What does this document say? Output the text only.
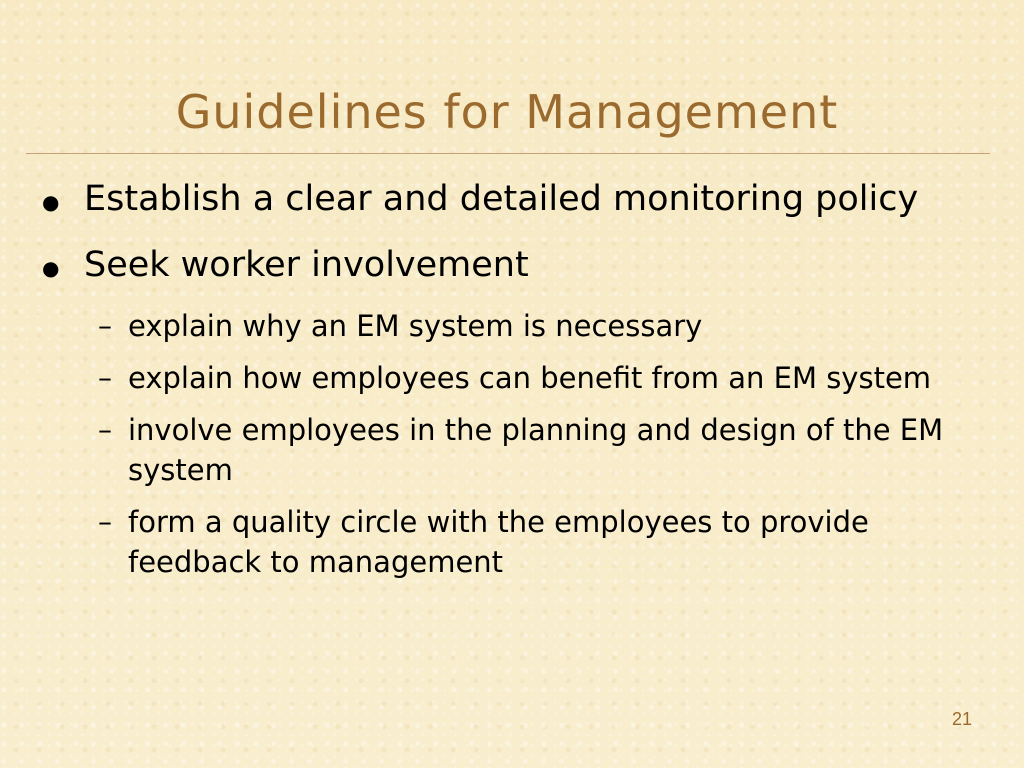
Guidelines for Management
● Establish a clear and detailed monitoring policy
● Seek worker involvement
– explain why an EM system is necessary
– explain how employees can benefit from an EM system
– involve employees in the planning and design of the EM system
– form a quality circle with the employees to provide feedback to management
21
